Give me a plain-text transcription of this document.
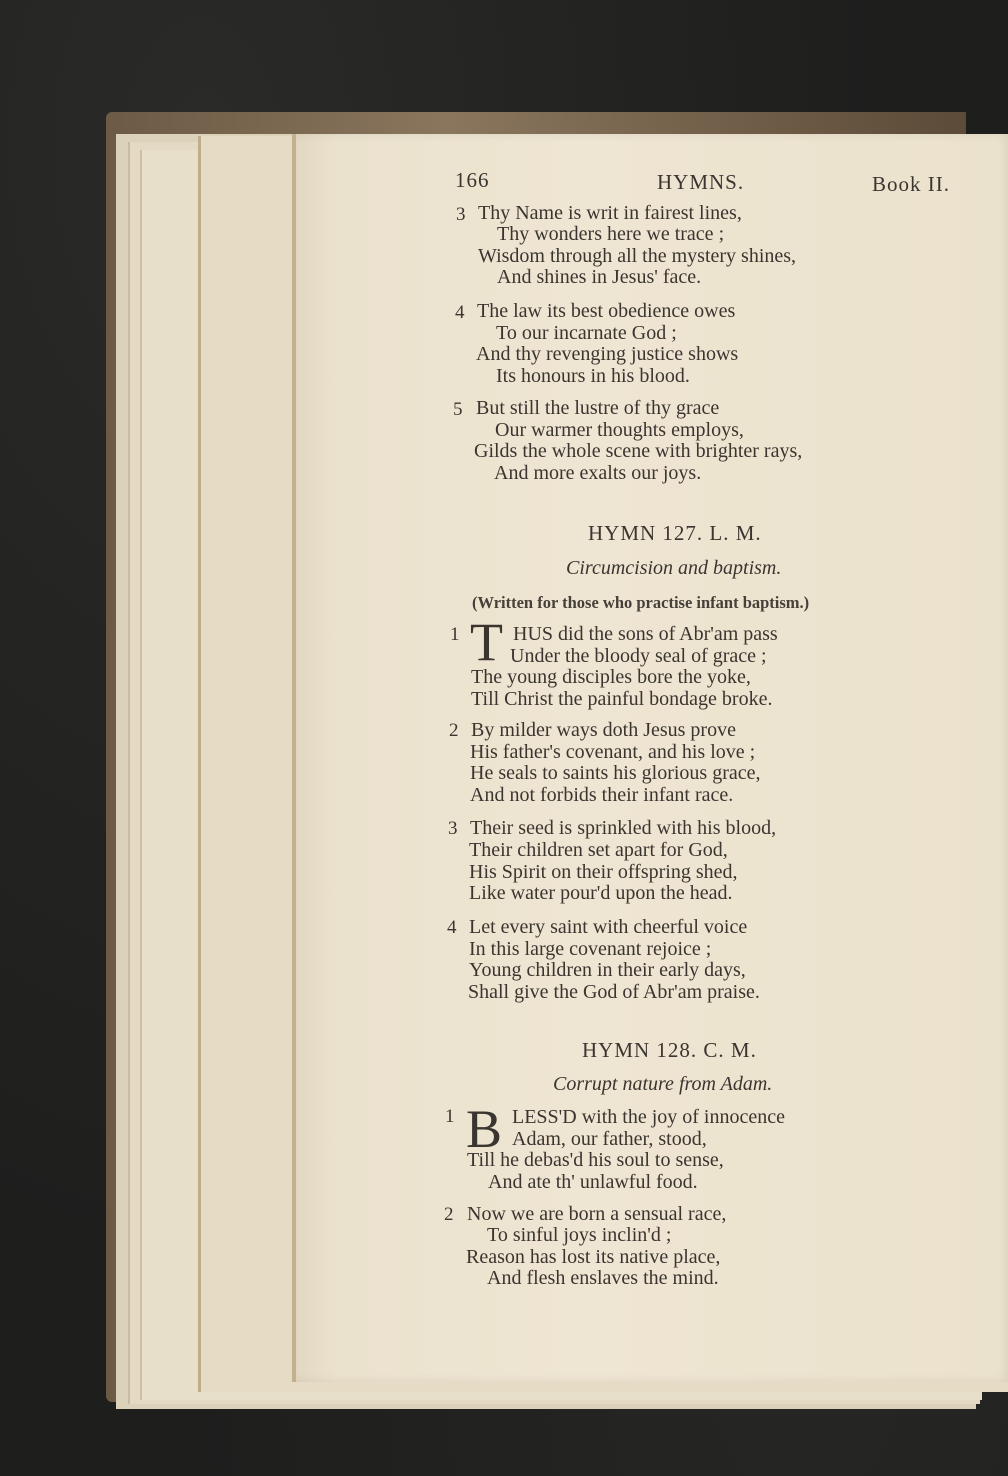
166	HYMNS.	Book II.
3 Thy Name is writ in fairest lines,
Thy wonders here we trace ;
Wisdom through all the mystery shines,
And shines in Jesus' face.
4 The law its best obedience owes
To our incarnate God ;
And thy revenging justice shows
Its honours in his blood.
5 But still the lustre of thy grace
Our warmer thoughts employs,
Gilds the whole scene with brighter rays,
And more exalts our joys.
HYMN 127. L. M.
Circumcision and baptism.
(Written for those who practise infant baptism.)
1 T HUS did the sons of Abr'am pass
Under the bloody seal of grace ;
The young disciples bore the yoke,
Till Christ the painful bondage broke.
2 By milder ways doth Jesus prove
His father's covenant, and his love ;
He seals to saints his glorious grace,
And not forbids their infant race.
3 Their seed is sprinkled with his blood,
Their children set apart for God,
His Spirit on their offspring shed,
Like water pour'd upon the head.
4 Let every saint with cheerful voice
In this large covenant rejoice ;
Young children in their early days,
Shall give the God of Abr'am praise.
HYMN 128. C. M.
Corrupt nature from Adam.
1 B LESS'D with the joy of innocence
Adam, our father, stood,
Till he debas'd his soul to sense,
And ate th' unlawful food.
2 Now we are born a sensual race,
To sinful joys inclin'd ;
Reason has lost its native place,
And flesh enslaves the mind.
